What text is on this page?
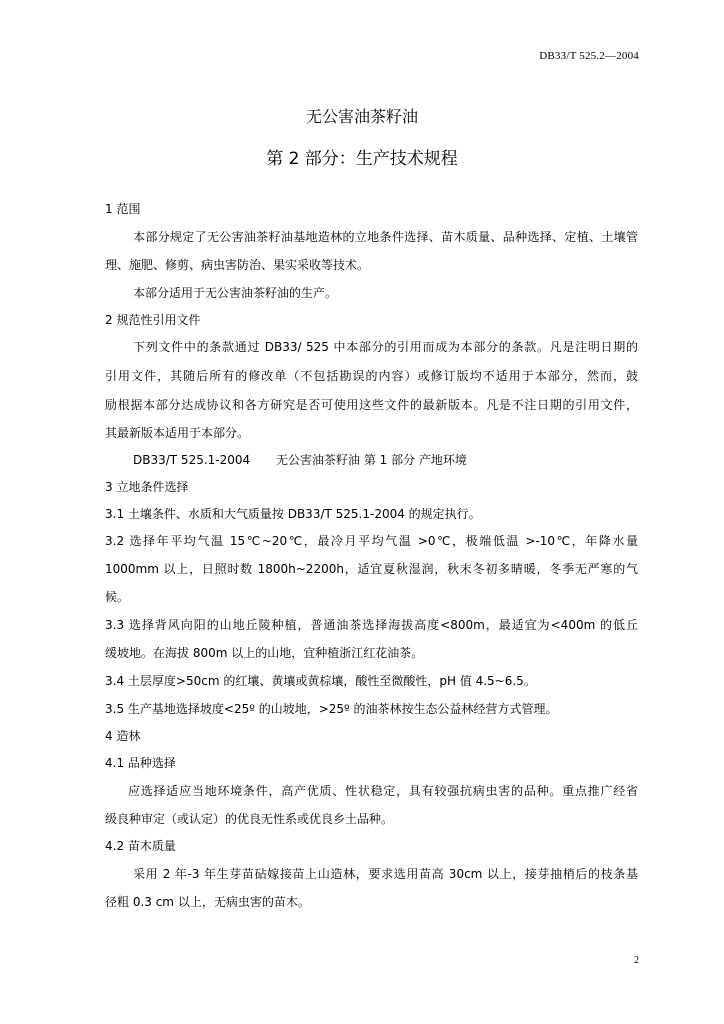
DB33/T 525.2—2004
无公害油茶籽油
第 2 部分：生产技术规程
1 范围
本部分规定了无公害油茶籽油基地造林的立地条件选择、苗木质量、品种选择、定植、土壤管
理、施肥、修剪、病虫害防治、果实采收等技术。
本部分适用于无公害油茶籽油的生产。
2 规范性引用文件
下列文件中的条款通过 DB33/ 525 中本部分的引用而成为本部分的条款。凡是注明日期的
引用文件，其随后所有的修改单（不包括勘误的内容）或修订版均不适用于本部分，然而，鼓
励根据本部分达成协议和各方研究是否可使用这些文件的最新版本。凡是不注日期的引用文件，
其最新版本适用于本部分。
DB33/T 525.1-2004 无公害油茶籽油 第 1 部分 产地环境
3 立地条件选择
3.1 土壤条件、水质和大气质量按 DB33/T 525.1-2004 的规定执行。
3.2 选择年平均气温 15℃~20℃，最冷月平均气温 >0℃，极端低温 >-10℃，年降水量
1000mm 以上，日照时数 1800h~2200h，适宜夏秋湿润，秋末冬初多晴暖，冬季无严寒的气
候。
3.3 选择背风向阳的山地丘陵种植，普通油茶选择海拔高度<800m，最适宜为<400m 的低丘
缓坡地。在海拔 800m 以上的山地，宜种植浙江红花油茶。
3.4 土层厚度>50cm 的红壤、黄壤或黄棕壤，酸性至微酸性，pH 值 4.5~6.5。
3.5 生产基地选择坡度<25º 的山坡地，>25º 的油茶林按生态公益林经营方式管理。
4 造林
4.1 品种选择
应选择适应当地环境条件，高产优质、性状稳定，具有较强抗病虫害的品种。重点推广经省
级良种审定（或认定）的优良无性系或优良乡土品种。
4.2 苗木质量
采用 2 年-3 年生芽苗砧嫁接苗上山造林，要求选用苗高 30cm 以上，接芽抽梢后的枝条基
径粗 0.3 cm 以上，无病虫害的苗木。
2
